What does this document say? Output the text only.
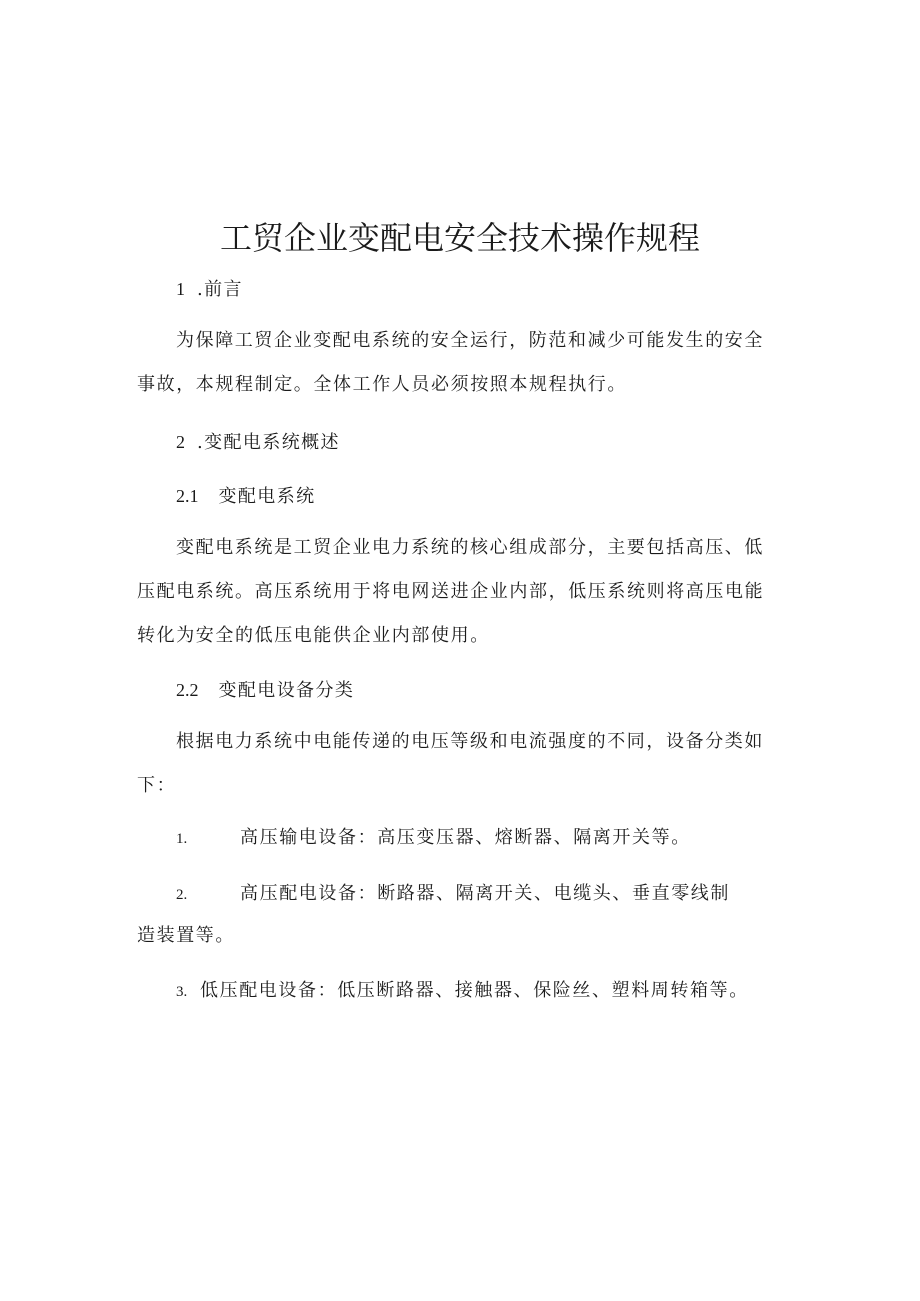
工贸企业变配电安全技术操作规程

1 .前言

为保障工贸企业变配电系统的安全运行，防范和减少可能发生的安全事故，本规程制定。全体工作人员必须按照本规程执行。

2 .变配电系统概述

2.1 变配电系统

变配电系统是工贸企业电力系统的核心组成部分，主要包括高压、低压配电系统。高压系统用于将电网送进企业内部，低压系统则将高压电能转化为安全的低压电能供企业内部使用。

2.2 变配电设备分类

根据电力系统中电能传递的电压等级和电流强度的不同，设备分类如下：

1.	高压输电设备：高压变压器、熔断器、隔离开关等。

2.	高压配电设备：断路器、隔离开关、电缆头、垂直零线制

造装置等。

3. 低压配电设备：低压断路器、接触器、保险丝、塑料周转箱等。
